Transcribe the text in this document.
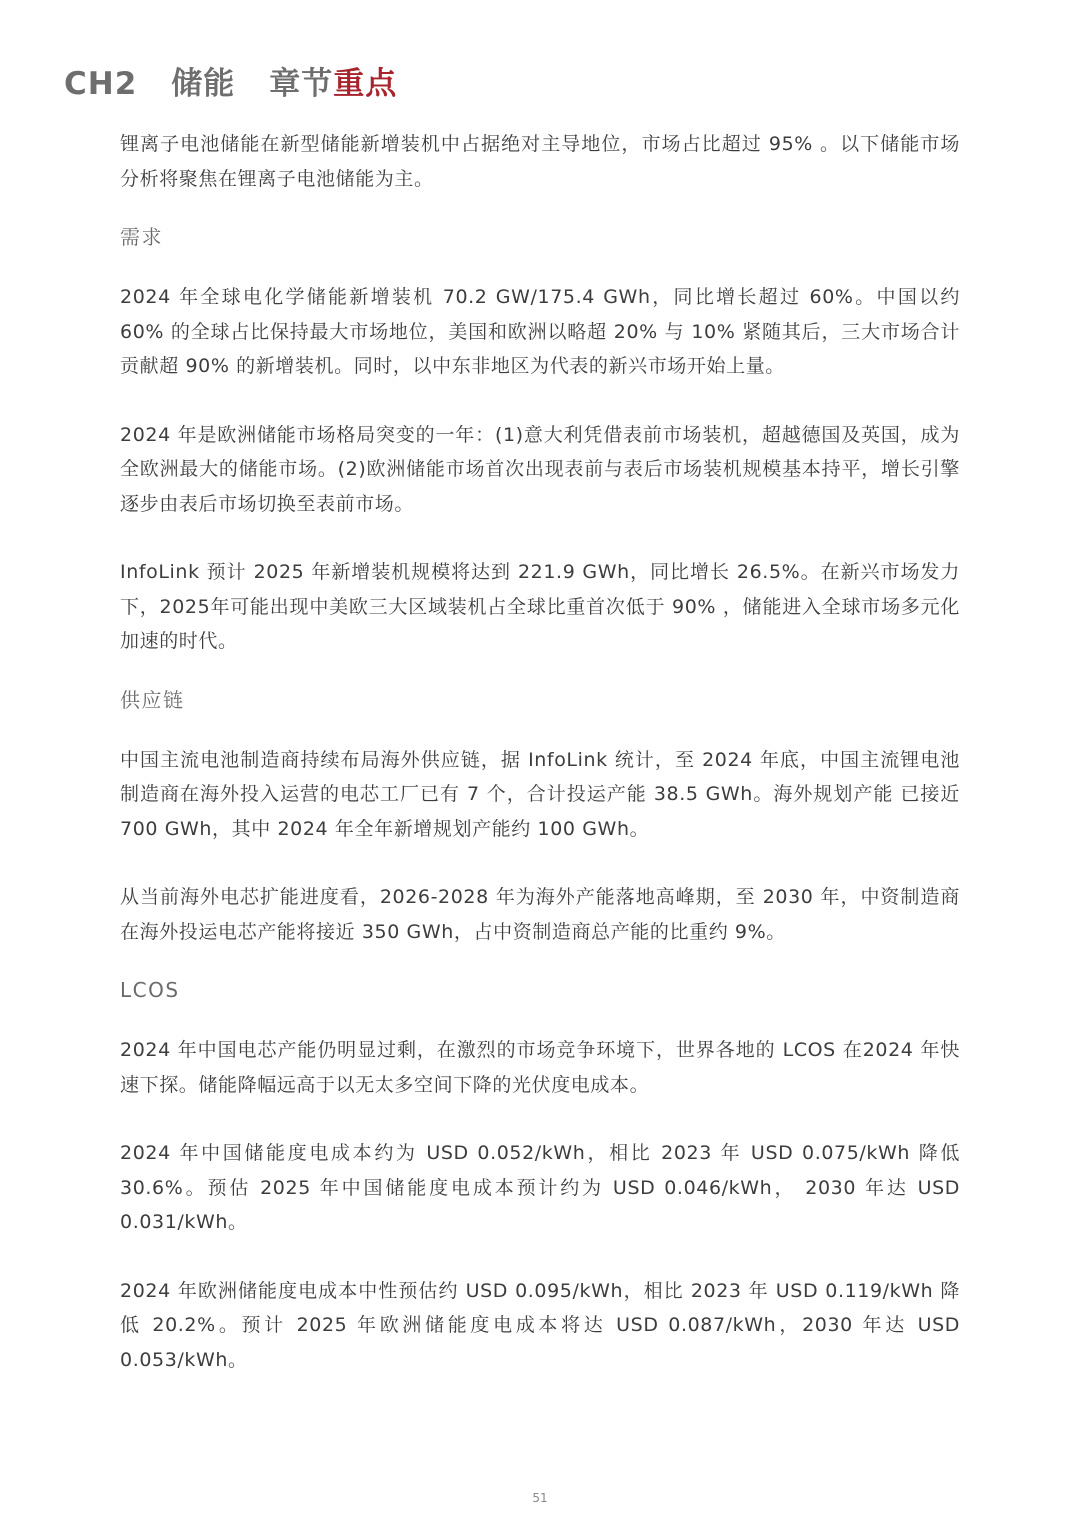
CH2 储能 章节重点

锂离子电池储能在新型储能新增装机中占据绝对主导地位，市场占比超过 95% 。以下储能市场分析将聚焦在锂离子电池储能为主。

需求

2024 年全球电化学储能新增装机 70.2 GW/175.4 GWh，同比增长超过 60%。中国以约 60% 的全球占比保持最大市场地位，美国和欧洲以略超 20% 与 10% 紧随其后，三大市场合计贡献超 90% 的新增装机。同时，以中东非地区为代表的新兴市场开始上量。

2024 年是欧洲储能市场格局突变的一年：(1)意大利凭借表前市场装机，超越德国及英国，成为全欧洲最大的储能市场。(2)欧洲储能市场首次出现表前与表后市场装机规模基本持平，增长引擎逐步由表后市场切换至表前市场。

InfoLink 预计 2025 年新增装机规模将达到 221.9 GWh，同比增长 26.5%。在新兴市场发力下，2025年可能出现中美欧三大区域装机占全球比重首次低于 90% ，储能进入全球市场多元化加速的时代。

供应链

中国主流电池制造商持续布局海外供应链，据 InfoLink 统计，至 2024 年底，中国主流锂电池制造商在海外投入运营的电芯工厂已有 7 个，合计投运产能 38.5 GWh。海外规划产能 已接近 700 GWh，其中 2024 年全年新增规划产能约 100 GWh。

从当前海外电芯扩能进度看，2026-2028 年为海外产能落地高峰期，至 2030 年，中资制造商在海外投运电芯产能将接近 350 GWh，占中资制造商总产能的比重约 9%。

LCOS

2024 年中国电芯产能仍明显过剩，在激烈的市场竞争环境下，世界各地的 LCOS 在2024 年快速下探。储能降幅远高于以无太多空间下降的光伏度电成本。

2024 年中国储能度电成本约为 USD 0.052/kWh，相比 2023 年 USD 0.075/kWh 降低 30.6%。预估 2025 年中国储能度电成本预计约为 USD 0.046/kWh， 2030 年达 USD 0.031/kWh。

2024 年欧洲储能度电成本中性预估约 USD 0.095/kWh，相比 2023 年 USD 0.119/kWh 降低 20.2%。预计 2025 年欧洲储能度电成本将达 USD 0.087/kWh，2030 年达 USD 0.053/kWh。

51
